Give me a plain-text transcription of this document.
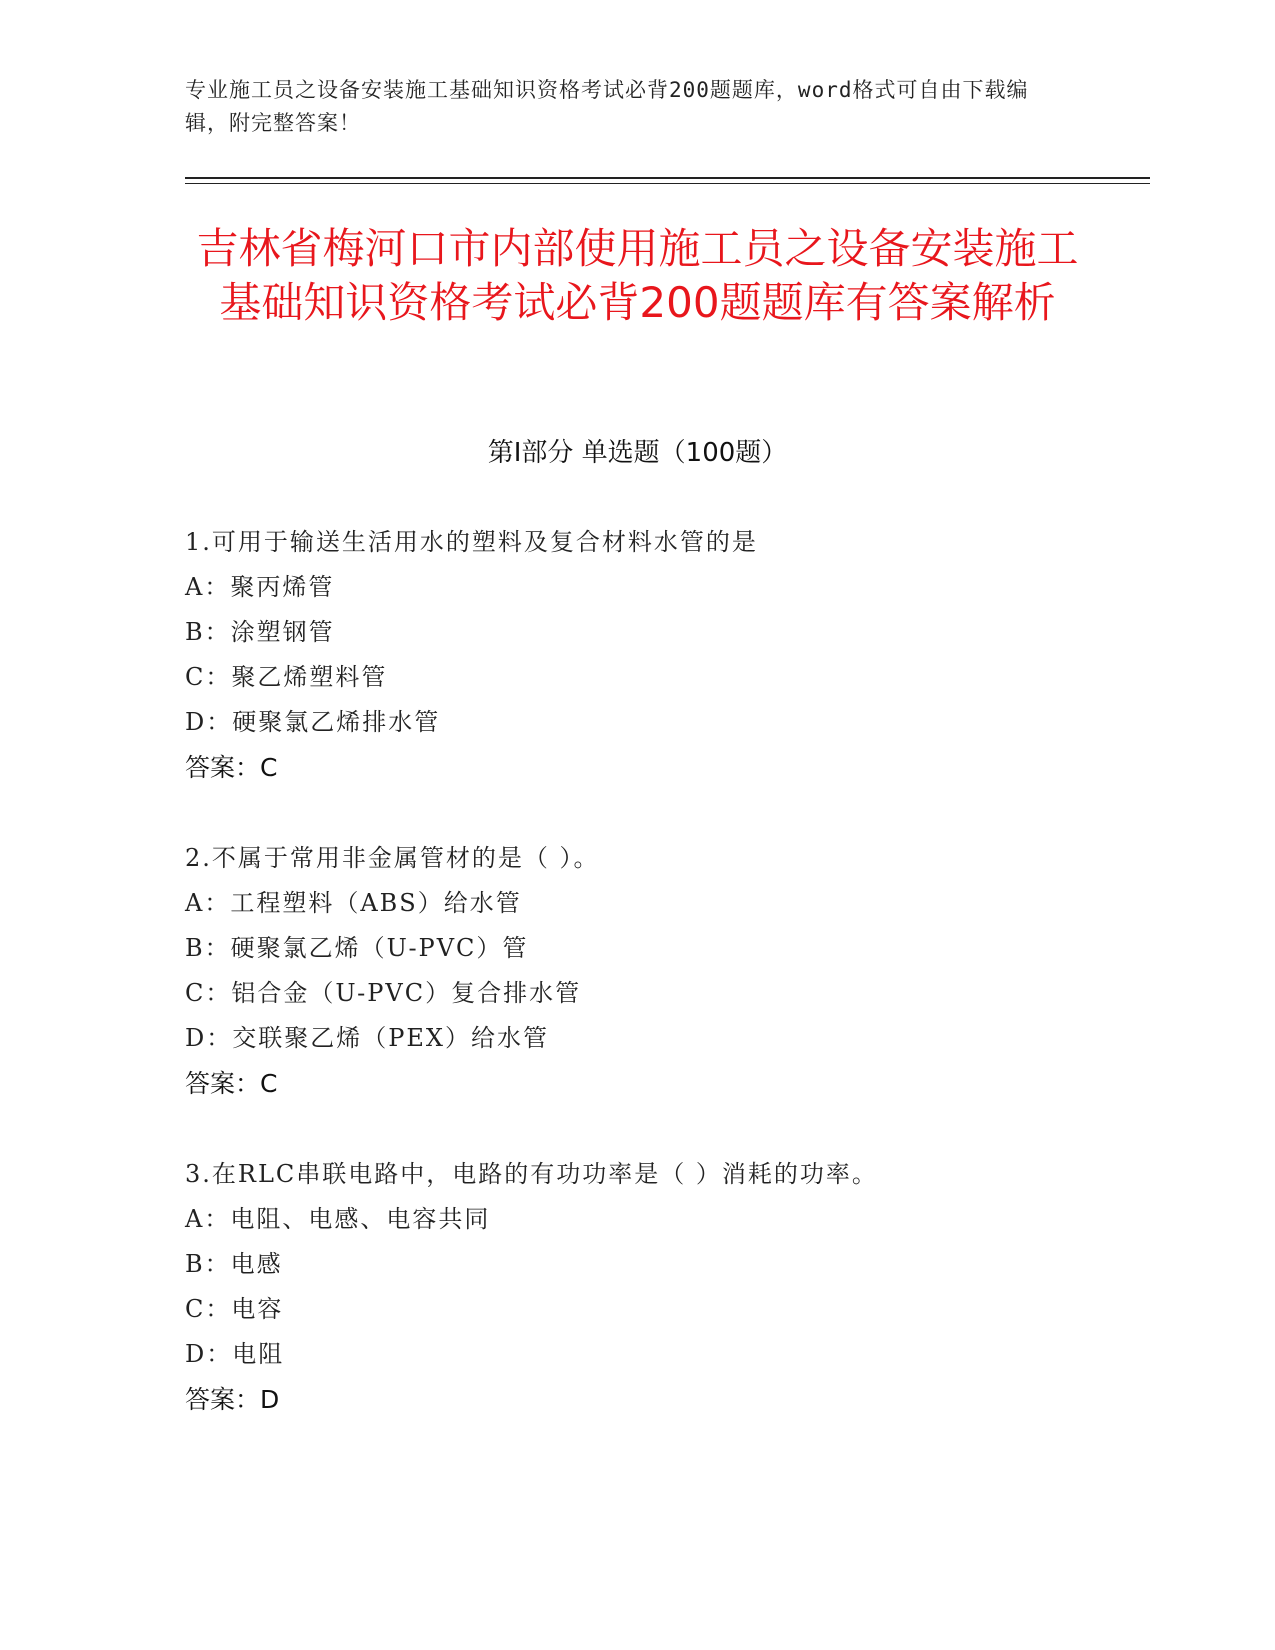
专业施工员之设备安装施工基础知识资格考试必背200题题库，word格式可自由下载编辑，附完整答案！
吉林省梅河口市内部使用施工员之设备安装施工基础知识资格考试必背200题题库有答案解析
第Ⅰ部分 单选题（100题）
1.可用于输送生活用水的塑料及复合材料水管的是
A：聚丙烯管
B：涂塑钢管
C：聚乙烯塑料管
D：硬聚氯乙烯排水管
答案：C
2.不属于常用非金属管材的是（ ）。
A：工程塑料（ABS）给水管
B：硬聚氯乙烯（U-PVC）管
C：铝合金（U-PVC）复合排水管
D：交联聚乙烯（PEX）给水管
答案：C
3.在RLC串联电路中，电路的有功功率是（ ）消耗的功率。
A：电阻、电感、电容共同
B：电感
C：电容
D：电阻
答案：D
